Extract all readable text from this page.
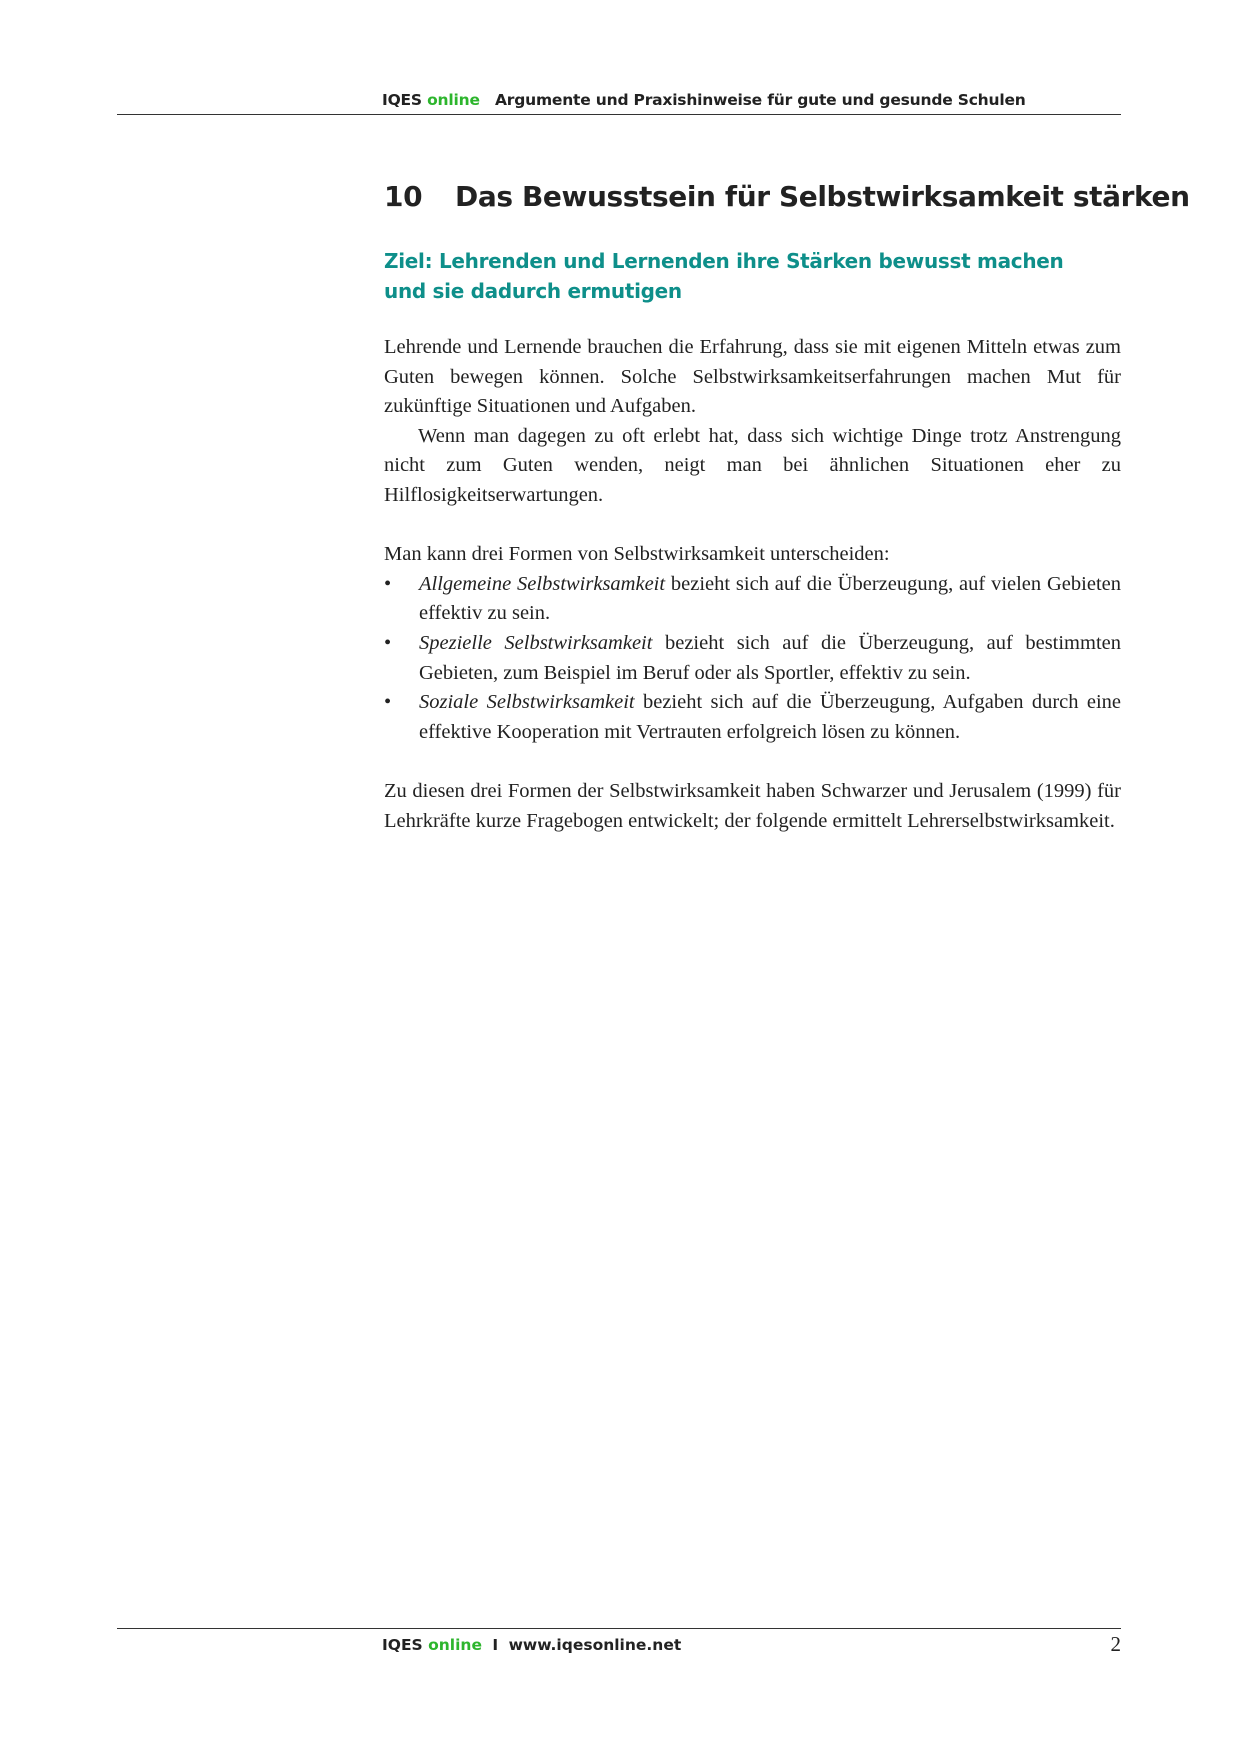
IQES online Argumente und Praxishinweise für gute und gesunde Schulen
10 Das Bewusstsein für Selbstwirksamkeit stärken
Ziel: Lehrenden und Lernenden ihre Stärken bewusst machen
und sie dadurch ermutigen

Lehrende und Lernende brauchen die Erfahrung, dass sie mit eigenen Mitteln etwas zum Guten bewegen können. Solche Selbstwirksamkeitserfahrungen machen Mut für zukünftige Situationen und Aufgaben.

Wenn man dagegen zu oft erlebt hat, dass sich wichtige Dinge trotz Anstrengung nicht zum Guten wenden, neigt man bei ähnlichen Situationen eher zu Hilflosigkeitserwartungen.

Man kann drei Formen von Selbstwirksamkeit unterscheiden:

• Allgemeine Selbstwirksamkeit bezieht sich auf die Überzeugung, auf vielen Gebieten effektiv zu sein.
• Spezielle Selbstwirksamkeit bezieht sich auf die Überzeugung, auf bestimmten Gebieten, zum Beispiel im Beruf oder als Sportler, effektiv zu sein.
• Soziale Selbstwirksamkeit bezieht sich auf die Überzeugung, Aufgaben durch eine effektive Kooperation mit Vertrauten erfolgreich lösen zu können.

Zu diesen drei Formen der Selbstwirksamkeit haben Schwarzer und Jerusalem (1999) für Lehrkräfte kurze Fragebogen entwickelt; der folgende ermittelt Lehrerselbstwirksamkeit.

IQES online I www.iqesonline.net	2
